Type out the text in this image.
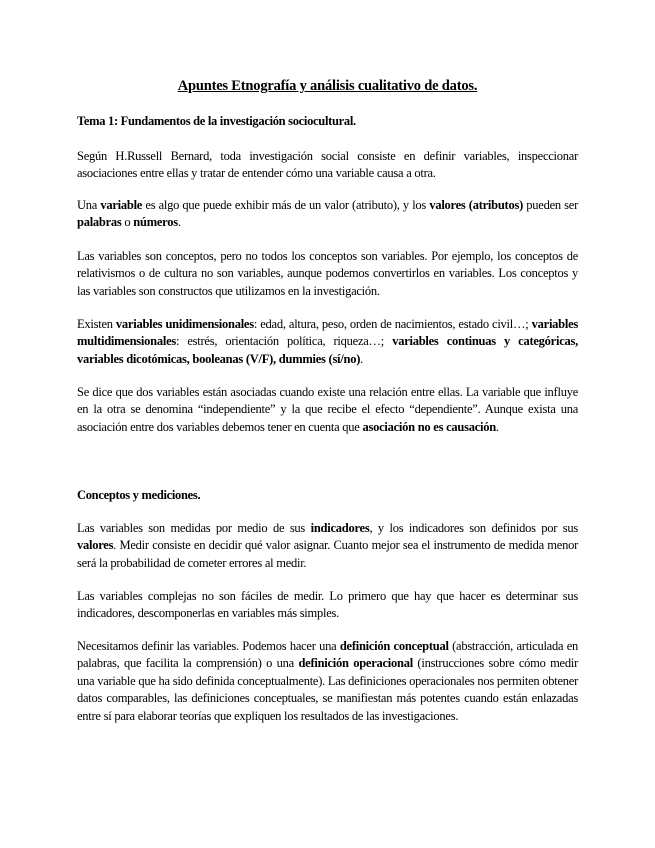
Apuntes Etnografía y análisis cualitativo de datos.
Tema 1: Fundamentos de la investigación sociocultural.

Según H.Russell Bernard, toda investigación social consiste en definir variables, inspeccionar asociaciones entre ellas y tratar de entender cómo una variable causa a otra.

Una variable es algo que puede exhibir más de un valor (atributo), y los valores (atributos) pueden ser palabras o números.

Las variables son conceptos, pero no todos los conceptos son variables. Por ejemplo, los conceptos de relativismos o de cultura no son variables, aunque podemos convertirlos en variables. Los conceptos y las variables son constructos que utilizamos en la investigación.

Existen variables unidimensionales: edad, altura, peso, orden de nacimientos, estado civil…; variables multidimensionales: estrés, orientación política, riqueza…; variables continuas y categóricas, variables dicotómicas, booleanas (V/F), dummies (sí/no).

Se dice que dos variables están asociadas cuando existe una relación entre ellas. La variable que influye en la otra se denomina “independiente” y la que recibe el efecto “dependiente”. Aunque exista una asociación entre dos variables debemos tener en cuenta que asociación no es causación.

Conceptos y mediciones.

Las variables son medidas por medio de sus indicadores, y los indicadores son definidos por sus valores. Medir consiste en decidir qué valor asignar. Cuanto mejor sea el instrumento de medida menor será la probabilidad de cometer errores al medir.

Las variables complejas no son fáciles de medir. Lo primero que hay que hacer es determinar sus indicadores, descomponerlas en variables más simples.

Necesitamos definir las variables. Podemos hacer una definición conceptual (abstracción, articulada en palabras, que facilita la comprensión) o una definición operacional (instrucciones sobre cómo medir una variable que ha sido definida conceptualmente). Las definiciones operacionales nos permiten obtener datos comparables, las definiciones conceptuales, se manifiestan más potentes cuando están enlazadas entre sí para elaborar teorías que expliquen los resultados de las investigaciones.
